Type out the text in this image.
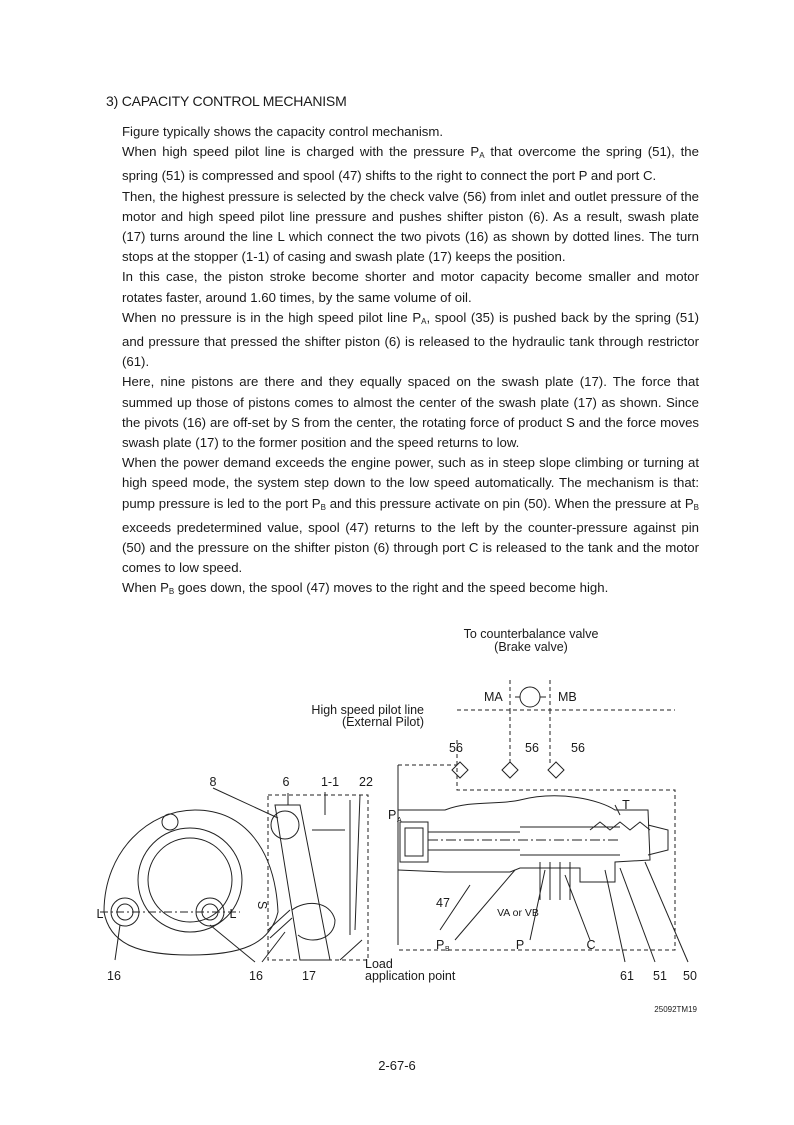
3) CAPACITY CONTROL MECHANISM

Figure typically shows the capacity control mechanism.

When high speed pilot line is charged with the pressure $P_A$ that overcome the spring (51), the spring (51) is compressed and spool (47) shifts to the right to connect the port P and port C.

Then, the highest pressure is selected by the check valve (56) from inlet and outlet pressure of the motor and high speed pilot line pressure and pushes shifter piston (6). As a result, swash plate (17) turns around the line L which connect the two pivots (16) as shown by dotted lines. The turn stops at the stopper (1-1) of casing and swash plate (17) keeps the position.

In this case, the piston stroke become shorter and motor capacity become smaller and motor rotates faster, around 1.60 times, by the same volume of oil.

When no pressure is in the high speed pilot line $P_A$, spool (35) is pushed back by the spring (51) and pressure that pressed the shifter piston (6) is released to the hydraulic tank through restrictor (61).

Here, nine pistons are there and they equally spaced on the swash plate (17). The force that summed up those of pistons comes to almost the center of the swash plate (17) as shown. Since the pivots (16) are off-set by S from the center, the rotating force of product S and the force moves swash plate (17) to the former position and the speed returns to low.

When the power demand exceeds the engine power, such as in steep slope climbing or turning at high speed mode, the system step down to the low speed automatically. The mechanism is that: pump pressure is led to the port $P_B$ and this pressure activate on pin (50). When the pressure at $P_B$ exceeds predetermined value, spool (47) returns to the left by the counter-pressure against pin (50) and the pressure on the shifter piston (6) through port C is released to the tank and the motor comes to low speed.

When $P_B$ goes down, the spool (47) moves to the right and the speed become high.

To counterbalance valve
(Brake valve)
MA	MB
High speed pilot line
(External Pilot)
56	56	56
8	6	1-1 22
P A
T
47
VA or VB
L	L
S
P B	P	C
16	16	17
Load
application point	61 51 50
25092TM19
2-67-6
